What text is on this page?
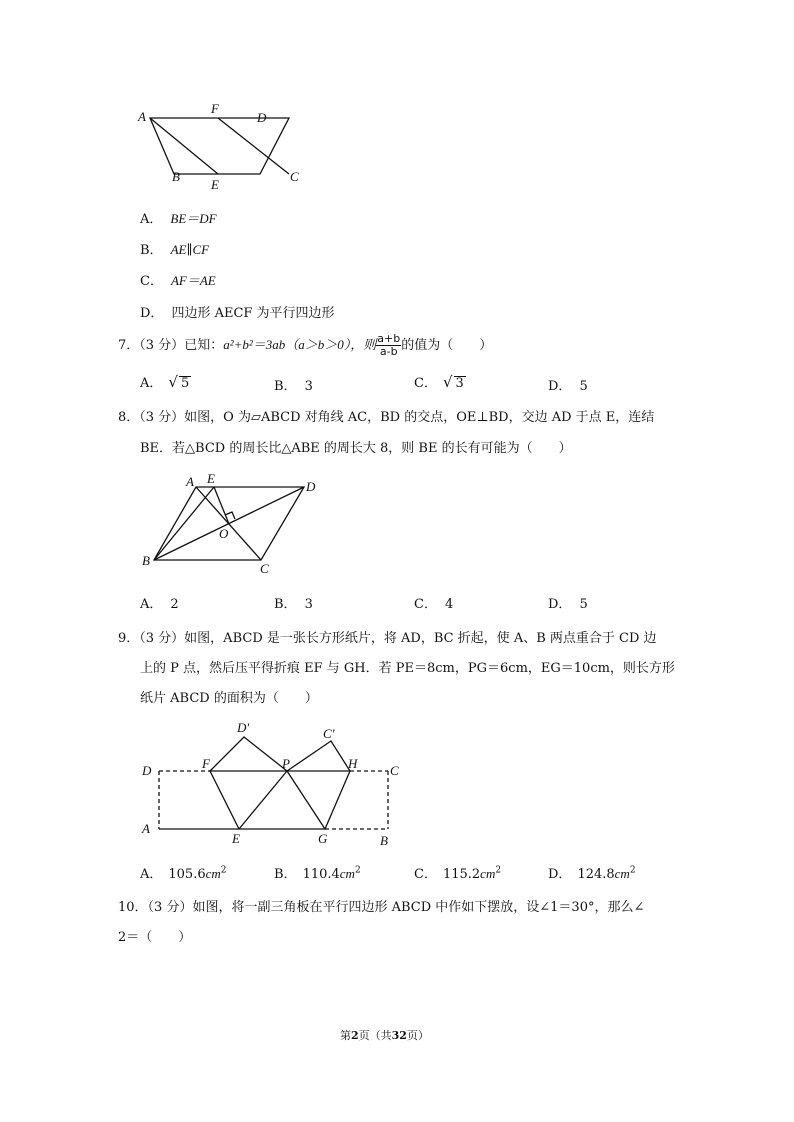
A
F
D
B
E
C
A． BE＝DF
B． AE∥CF
C． AF＝AE
D． 四边形 AECF 为平行四边形
7．（3 分）已知：a²+b²＝3ab（a＞b＞0），则 $\frac{a+b}{a-b}$ 的值为（　　）
A． √ 5	B． 3	C． √ 3	D． 5
8．（3 分）如图，O 为▱ABCD 对角线 AC，BD 的交点，OE⊥BD，交边 AD 于点 E，连结
BE．若△BCD 的周长比△ABE 的周长大 8，则 BE 的长有可能为（　　）
A E
D
O
B
C
A． 2	B． 3	C． 4	D． 5
9．（3 分）如图，ABCD 是一张长方形纸片，将 AD，BC 折起，使 A、B 两点重合于 CD 边
上的 P 点，然后压平得折痕 EF 与 GH．若 PE＝8cm，PG＝6cm，EG＝10cm，则长方形
纸片 ABCD 的面积为（　　）
D′	C′
D	F	P	H	C
A
E	G	B
A． $105.6cm^2$	B． $110.4cm^2$	C． $115.2cm^2$	D． $124.8cm^2$
10．（3 分）如图，将一副三角板在平行四边形 ABCD 中作如下摆放，设∠1＝30°，那么∠
2＝（　　）
第2页（共32页）
